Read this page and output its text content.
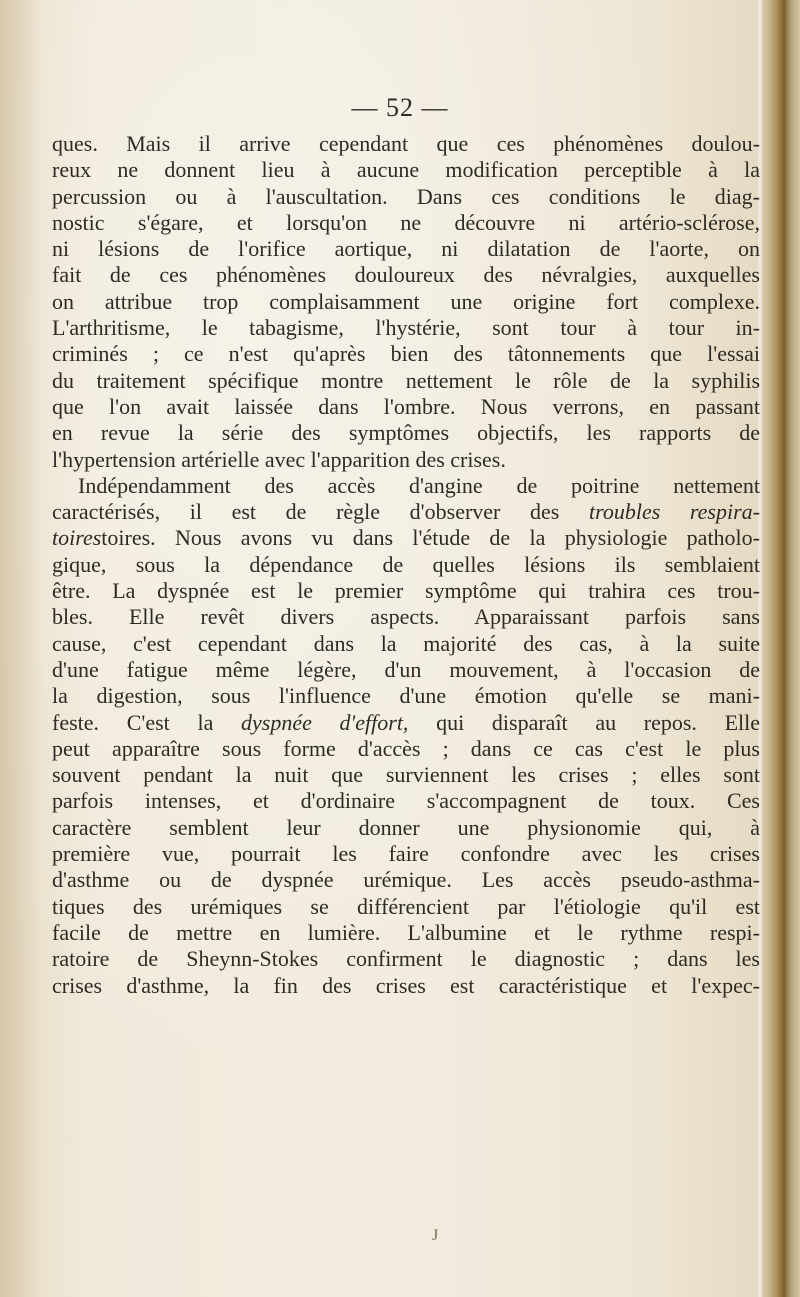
— 52 —
ques. Mais il arrive cependant que ces phénomènes doulou-
reux ne donnent lieu à aucune modification perceptible à la
percussion ou à l'auscultation. Dans ces conditions le diag-
nostic s'égare, et lorsqu'on ne découvre ni artério-sclérose,
ni lésions de l'orifice aortique, ni dilatation de l'aorte, on
fait de ces phénomènes douloureux des névralgies, auxquelles
on attribue trop complaisamment une origine fort complexe.
L'arthritisme, le tabagisme, l'hystérie, sont tour à tour in-
criminés ; ce n'est qu'après bien des tâtonnements que l'essai
du traitement spécifique montre nettement le rôle de la syphilis
que l'on avait laissée dans l'ombre. Nous verrons, en passant
en revue la série des symptômes objectifs, les rapports de
l'hypertension artérielle avec l'apparition des crises.
Indépendamment des accès d'angine de poitrine nettement
caractérisés, il est de règle d'observer des troubles respira-
toirestoires. Nous avons vu dans l'étude de la physiologie patholo-
gique, sous la dépendance de quelles lésions ils semblaient
être. La dyspnée est le premier symptôme qui trahira ces trou-
bles. Elle revêt divers aspects. Apparaissant parfois sans
cause, c'est cependant dans la majorité des cas, à la suite
d'une fatigue même légère, d'un mouvement, à l'occasion de
la digestion, sous l'influence d'une émotion qu'elle se mani-
feste. C'est la dyspnée d'effort, qui disparaît au repos. Elle
peut apparaître sous forme d'accès ; dans ce cas c'est le plus
souvent pendant la nuit que surviennent les crises ; elles sont
parfois intenses, et d'ordinaire s'accompagnent de toux. Ces
caractère semblent leur donner une physionomie qui, à
première vue, pourrait les faire confondre avec les crises
d'asthme ou de dyspnée urémique. Les accès pseudo-asthma-
tiques des urémiques se différencient par l'étiologie qu'il est
facile de mettre en lumière. L'albumine et le rythme respi-
ratoire de Sheynn-Stokes confirment le diagnostic ; dans les
crises d'asthme, la fin des crises est caractéristique et l'expec-
J
